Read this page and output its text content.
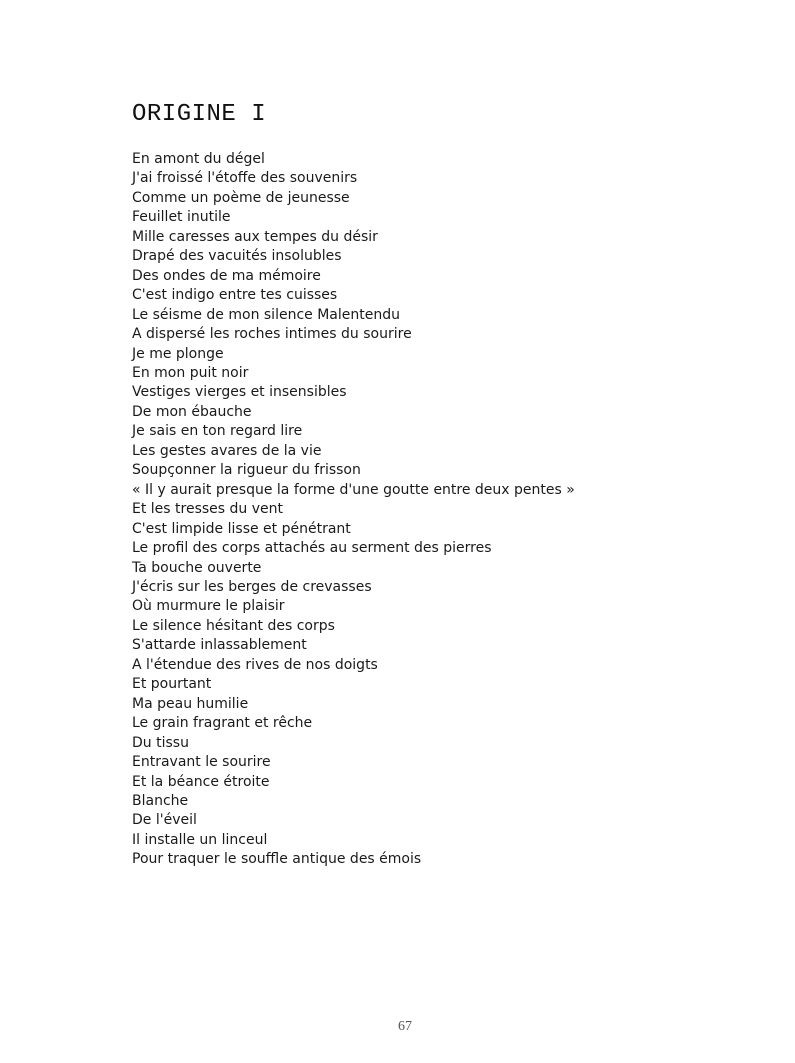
ORIGINE I
En amont du dégel
J'ai froissé l'étoffe des souvenirs
Comme un poème de jeunesse
Feuillet inutile
Mille caresses aux tempes du désir
Drapé des vacuités insolubles
Des ondes de ma mémoire
C'est indigo entre tes cuisses
Le séisme de mon silence Malentendu
A dispersé les roches intimes du sourire
Je me plonge
En mon puit noir
Vestiges vierges et insensibles
De mon ébauche
Je sais en ton regard lire
Les gestes avares de la vie
Soupçonner la rigueur du frisson
« Il y aurait presque la forme d'une goutte entre deux pentes »
Et les tresses du vent
C'est limpide lisse et pénétrant
Le profil des corps attachés au serment des pierres
Ta bouche ouverte
J'écris sur les berges de crevasses
Où murmure le plaisir
Le silence hésitant des corps
S'attarde inlassablement
A l'étendue des rives de nos doigts
Et pourtant
Ma peau humilie
Le grain fragrant et rêche
Du tissu
Entravant le sourire
Et la béance étroite
Blanche
De l'éveil
Il installe un linceul
Pour traquer le souffle antique des émois
67
